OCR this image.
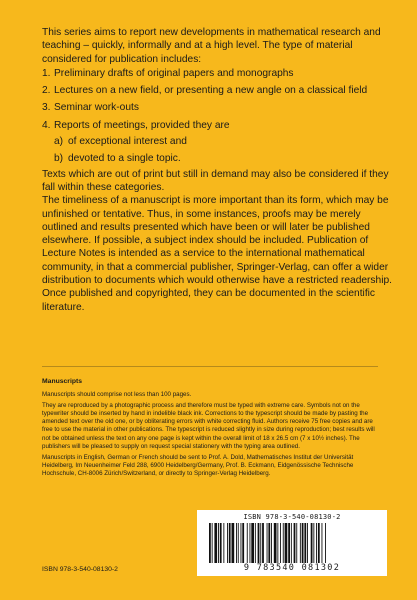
This series aims to report new developments in mathematical research and teaching – quickly, informally and at a high level. The type of material considered for publication includes:

1. Preliminary drafts of original papers and monographs
2. Lectures on a new field, or presenting a new angle on a classical field
3. Seminar work-outs
4. Reports of meetings, provided they are
a) of exceptional interest and
b) devoted to a single topic.

Texts which are out of print but still in demand may also be considered if they fall within these categories.

The timeliness of a manuscript is more important than its form, which may be unfinished or tentative. Thus, in some instances, proofs may be merely outlined and results presented which have been or will later be published elsewhere. If possible, a subject index should be included. Publication of Lecture Notes is intended as a service to the international mathematical community, in that a commercial publisher, Springer-Verlag, can offer a wider distribution to documents which would otherwise have a restricted readership. Once published and copyrighted, they can be documented in the scientific literature.

Manuscripts

Manuscripts should comprise not less than 100 pages.

They are reproduced by a photographic process and therefore must be typed with extreme care. Symbols not on the typewriter should be inserted by hand in indelible black ink. Corrections to the typescript should be made by pasting the amended text over the old one, or by obliterating errors with white correcting fluid. Authors receive 75 free copies and are free to use the material in other publications. The typescript is reduced slightly in size during reproduction; best results will not be obtained unless the text on any one page is kept within the overall limit of 18 x 26.5 cm (7 x 10½ inches). The publishers will be pleased to supply on request special stationery with the typing area outlined.

Manuscripts in English, German or French should be sent to Prof. A. Dold, Mathematisches Institut der Universität Heidelberg, Im Neuenheimer Feld 288, 6900 Heidelberg/Germany, Prof. B. Eckmann, Eidgenössische Technische Hochschule, CH-8006 Zürich/Switzerland, or directly to Springer-Verlag Heidelberg.

ISBN 978-3-540-08130-2
9 783540 081302
ISBN 978-3-540-08130-2
